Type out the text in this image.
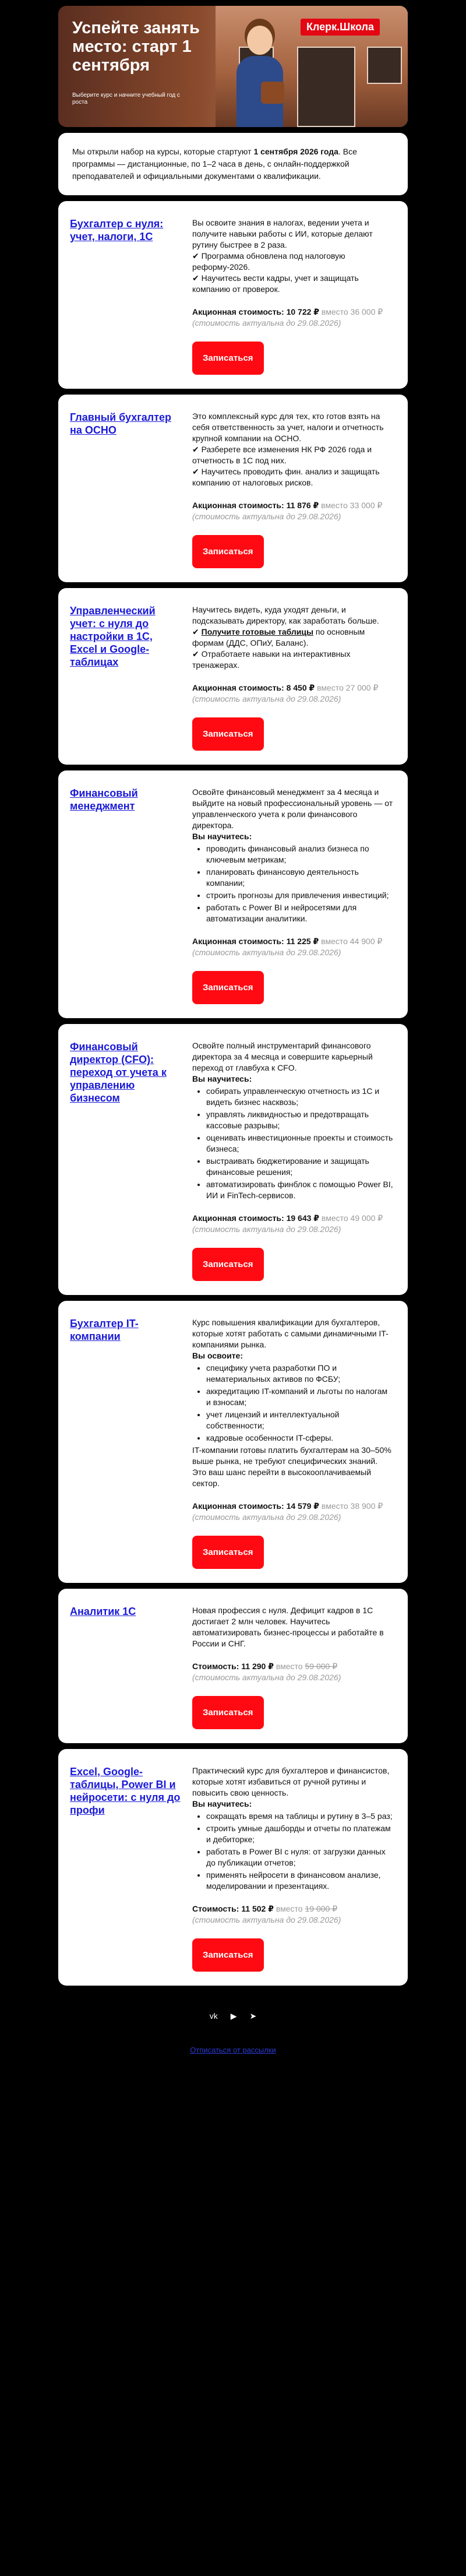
Клерк.Школа
Успейте занять место: старт 1 сентября
Выберите курс и начните учебный год с роста
Мы открыли набор на курсы, которые стартуют 1 сентября 2026 года. Все программы — дистанционные, по 1–2 часа в день, с онлайн-поддержкой преподавателей и официальными документами о квалификации.
Бухгалтер с нуля: учет, налоги, 1С
Вы освоите знания в налогах, ведении учета и получите навыки работы с ИИ, которые делают рутину быстрее в 2 раза.
✔ Программа обновлена под налоговую реформу-2026.
✔ Научитесь вести кадры, учет и защищать компанию от проверок.
Акционная стоимость: 10 722 ₽ вместо 36 000 ₽
(стоимость актуальна до 29.08.2026)
Записаться
Главный бухгалтер на ОСНО
Это комплексный курс для тех, кто готов взять на себя ответственность за учет, налоги и отчетность крупной компании на ОСНО.
✔ Разберете все изменения НК РФ 2026 года и отчетность в 1С под них.
✔ Научитесь проводить фин. анализ и защищать компанию от налоговых рисков.
Акционная стоимость: 11 876 ₽ вместо 33 000 ₽
(стоимость актуальна до 29.08.2026)
Записаться
Управленческий учет: с нуля до настройки в 1С, Excel и Google-таблицах
Научитесь видеть, куда уходят деньги, и подсказывать директору, как заработать больше.
✔ Получите готовые таблицы по основным формам (ДДС, ОПиУ, Баланс).
✔ Отработаете навыки на интерактивных тренажерах.
Акционная стоимость: 8 450 ₽ вместо 27 000 ₽
(стоимость актуальна до 29.08.2026)
Записаться
Финансовый менеджмент
Освойте финансовый менеджмент за 4 месяца и выйдите на новый профессиональный уровень — от управленческого учета к роли финансового директора.
Вы научитесь:
• проводить финансовый анализ бизнеса по ключевым метрикам;
• планировать финансовую деятельность компании;
• строить прогнозы для привлечения инвестиций;
• работать с Power BI и нейросетями для автоматизации аналитики.
Акционная стоимость: 11 225 ₽ вместо 44 900 ₽
(стоимость актуальна до 29.08.2026)
Записаться
Финансовый директор (CFO): переход от учета к управлению бизнесом
Освойте полный инструментарий финансового директора за 4 месяца и совершите карьерный переход от главбуха к CFO.
Вы научитесь:
• собирать управленческую отчетность из 1С и видеть бизнес насквозь;
• управлять ликвидностью и предотвращать кассовые разрывы;
• оценивать инвестиционные проекты и стоимость бизнеса;
• выстраивать бюджетирование и защищать финансовые решения;
• автоматизировать финблок с помощью Power BI, ИИ и FinTech-сервисов.
Акционная стоимость: 19 643 ₽ вместо 49 000 ₽
(стоимость актуальна до 29.08.2026)
Записаться
Бухгалтер IT-компании
Курс повышения квалификации для бухгалтеров, которые хотят работать с самыми динамичными IT-компаниями рынка.
Вы освоите:
• специфику учета разработки ПО и нематериальных активов по ФСБУ;
• аккредитацию IT-компаний и льготы по налогам и взносам;
• учет лицензий и интеллектуальной собственности;
• кадровые особенности IT-сферы.
IT-компании готовы платить бухгалтерам на 30–50% выше рынка, не требуют специфических знаний. Это ваш шанс перейти в высокооплачиваемый сектор.
Акционная стоимость: 14 579 ₽ вместо 38 900 ₽
(стоимость актуальна до 29.08.2026)
Записаться
Аналитик 1С	Новая профессия с нуля. Дефицит кадров в 1С достигает 2 млн человек. Научитесь автоматизировать бизнес-процессы и работайте в России и СНГ.
Стоимость: 11 290 ₽ вместо 59 000 ₽
(стоимость актуальна до 29.08.2026)
Записаться
Excel, Google-таблицы, Power BI и нейросети: с нуля до профи
Практический курс для бухгалтеров и финансистов, которые хотят избавиться от ручной рутины и повысить свою ценность.
Вы научитесь:
• сокращать время на таблицы и рутину в 3–5 раз;
• строить умные дашборды и отчеты по платежам и дебиторке;
• работать в Power BI с нуля: от загрузки данных до публикации отчетов;
• применять нейросети в финансовом анализе, моделировании и презентациях.
Стоимость: 11 502 ₽ вместо 19 000 ₽
(стоимость актуальна до 29.08.2026)
Записаться
vk ▶ ➤
Отписаться от рассылки
